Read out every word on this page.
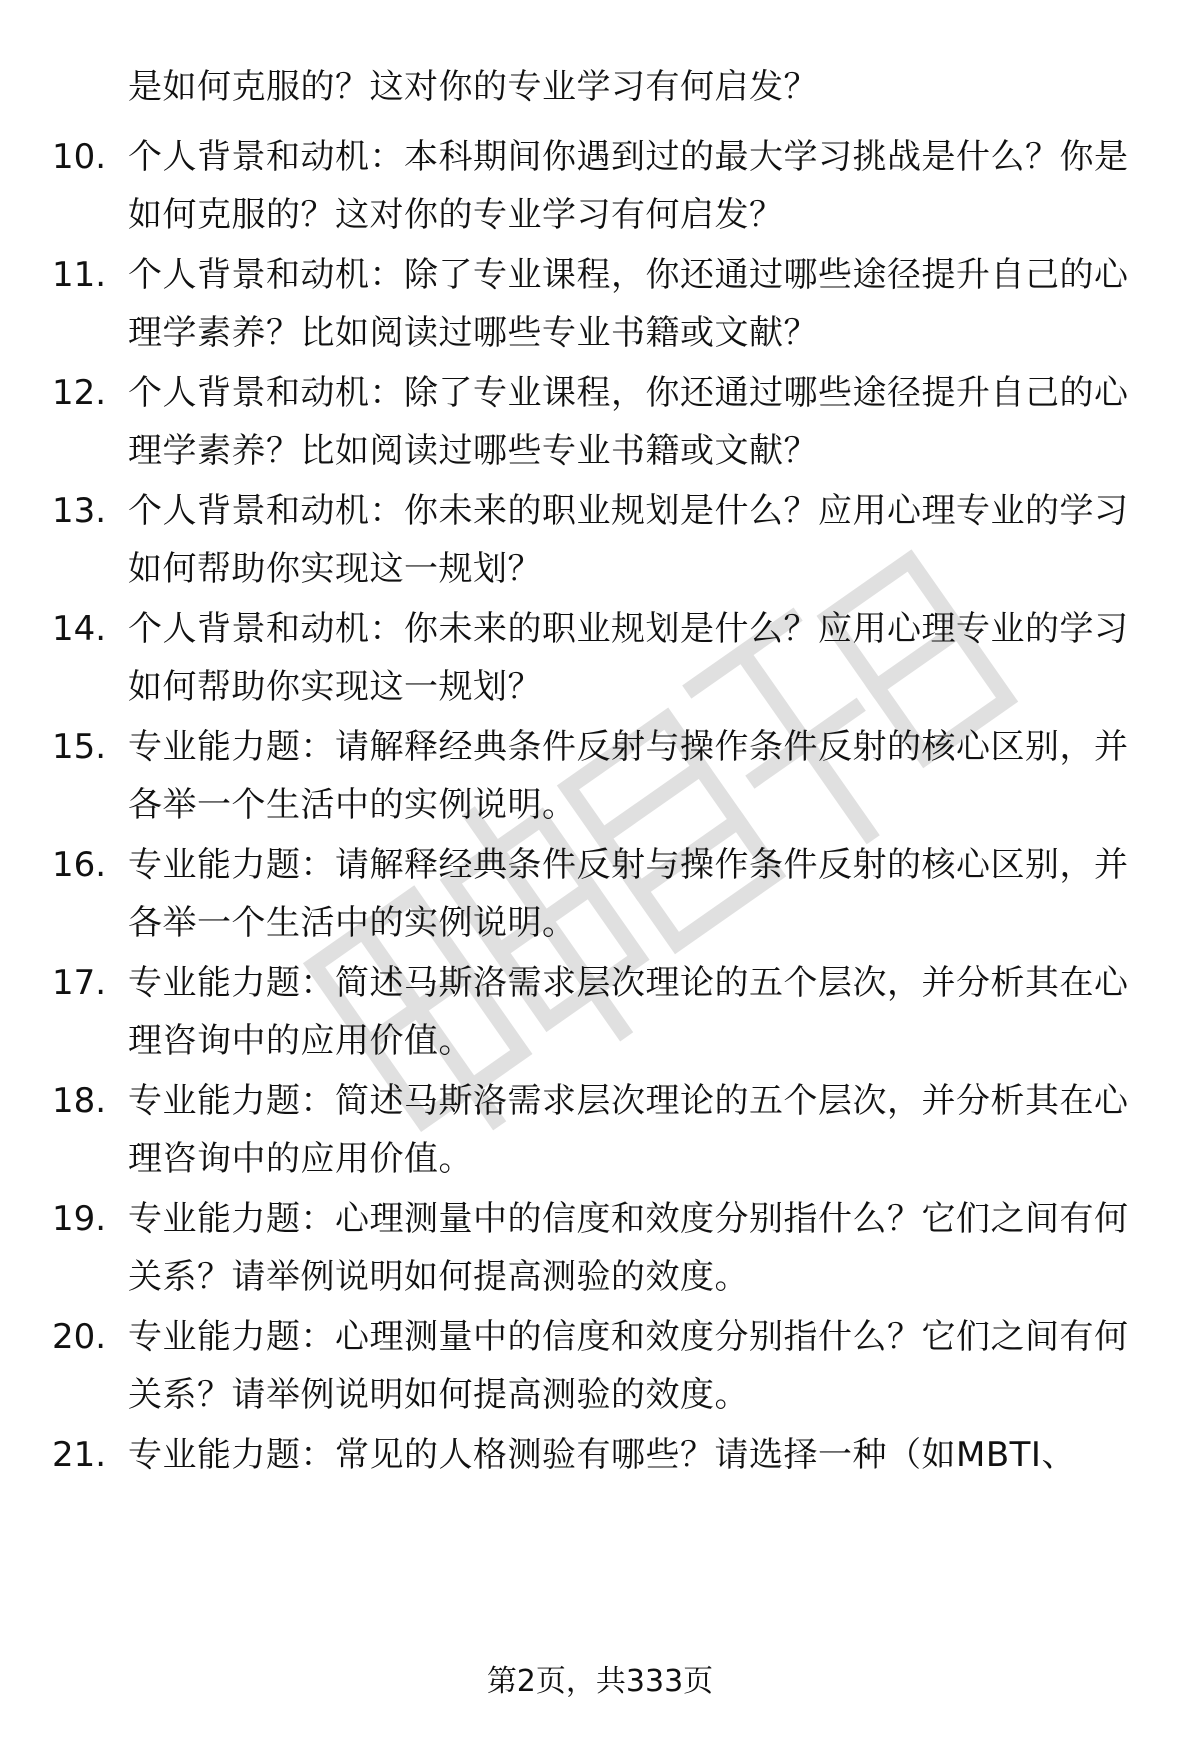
是如何克服的？这对你的专业学习有何启发？

10. 个人背景和动机：本科期间你遇到过的最大学习挑战是什么？你是如何克服的？这对你的专业学习有何启发？

11. 个人背景和动机：除了专业课程，你还通过哪些途径提升自己的心理学素养？比如阅读过哪些专业书籍或文献？

12. 个人背景和动机：除了专业课程，你还通过哪些途径提升自己的心理学素养？比如阅读过哪些专业书籍或文献？

13. 个人背景和动机：你未来的职业规划是什么？应用心理专业的学习如何帮助你实现这一规划？

14. 个人背景和动机：你未来的职业规划是什么？应用心理专业的学习如何帮助你实现这一规划？

15. 专业能力题：请解释经典条件反射与操作条件反射的核心区别，并各举一个生活中的实例说明。

16. 专业能力题：请解释经典条件反射与操作条件反射的核心区别，并各举一个生活中的实例说明。

17. 专业能力题：简述马斯洛需求层次理论的五个层次，并分析其在心理咨询中的应用价值。

18. 专业能力题：简述马斯洛需求层次理论的五个层次，并分析其在心理咨询中的应用价值。

19. 专业能力题：心理测量中的信度和效度分别指什么？它们之间有何关系？请举例说明如何提高测验的效度。

20. 专业能力题：心理测量中的信度和效度分别指什么？它们之间有何关系？请举例说明如何提高测验的效度。

21. 专业能力题：常见的人格测验有哪些？请选择一种（如MBTI、

第2页，共333页
